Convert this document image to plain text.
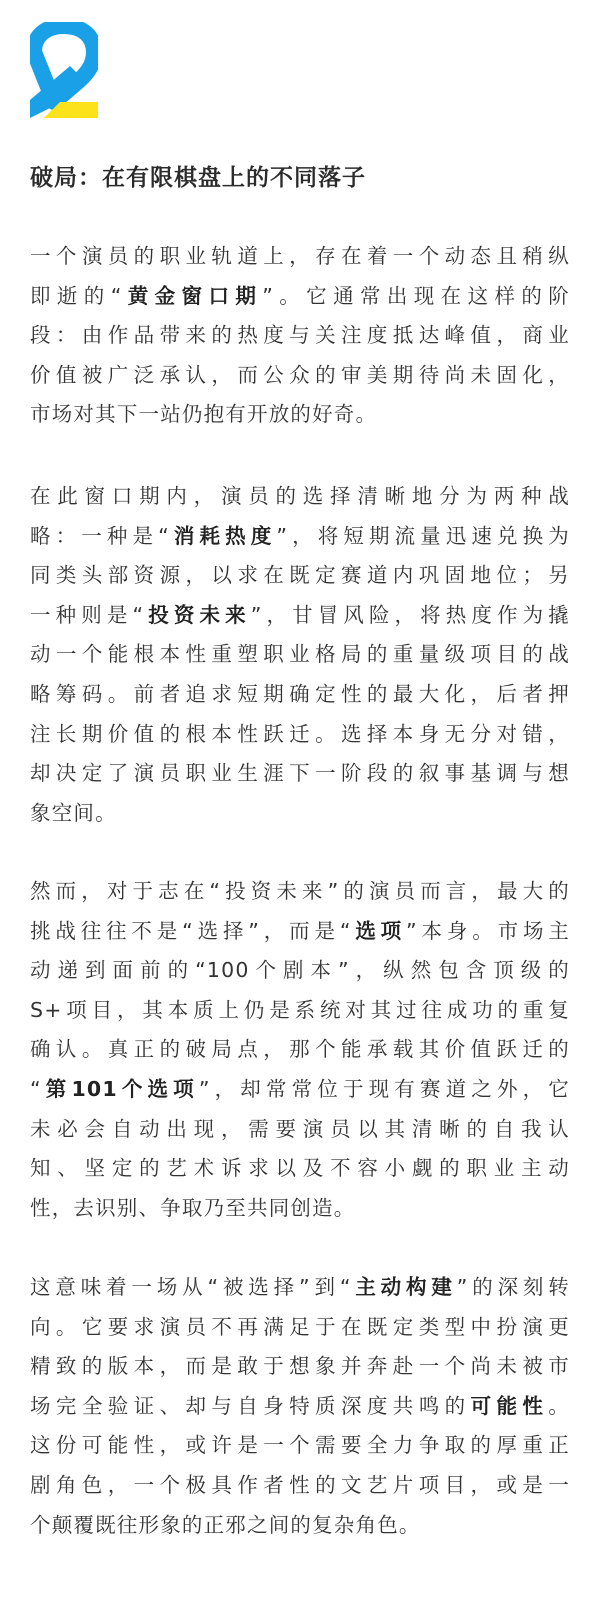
破局：在有限棋盘上的不同落子
一个演员的职业轨道上，存在着一个动态且稍纵
即逝的“黄金窗口期”。它通常出现在这样的阶
段：由作品带来的热度与关注度抵达峰值，商业
价值被广泛承认，而公众的审美期待尚未固化，
市场对其下一站仍抱有开放的好奇。
在此窗口期内，演员的选择清晰地分为两种战
略：一种是“消耗热度”，将短期流量迅速兑换为
同类头部资源，以求在既定赛道内巩固地位；另
一种则是“投资未来”，甘冒风险，将热度作为撬
动一个能根本性重塑职业格局的重量级项目的战
略筹码。前者追求短期确定性的最大化，后者押
注长期价值的根本性跃迁。选择本身无分对错，
却决定了演员职业生涯下一阶段的叙事基调与想
象空间。
然而，对于志在“投资未来”的演员而言，最大的
挑战往往不是“选择”，而是“选项”本身。市场主
动递到面前的“100个剧本”，纵然包含顶级的
S+项目，其本质上仍是系统对其过往成功的重复
确认。真正的破局点，那个能承载其价值跃迁的
“第101个选项”，却常常位于现有赛道之外，它
未必会自动出现，需要演员以其清晰的自我认
知、坚定的艺术诉求以及不容小觑的职业主动
性，去识别、争取乃至共同创造。
这意味着一场从“被选择”到“主动构建”的深刻转
向。它要求演员不再满足于在既定类型中扮演更
精致的版本，而是敢于想象并奔赴一个尚未被市
场完全验证、却与自身特质深度共鸣的可能性。
这份可能性，或许是一个需要全力争取的厚重正
剧角色，一个极具作者性的文艺片项目，或是一
个颠覆既往形象的正邪之间的复杂角色。
